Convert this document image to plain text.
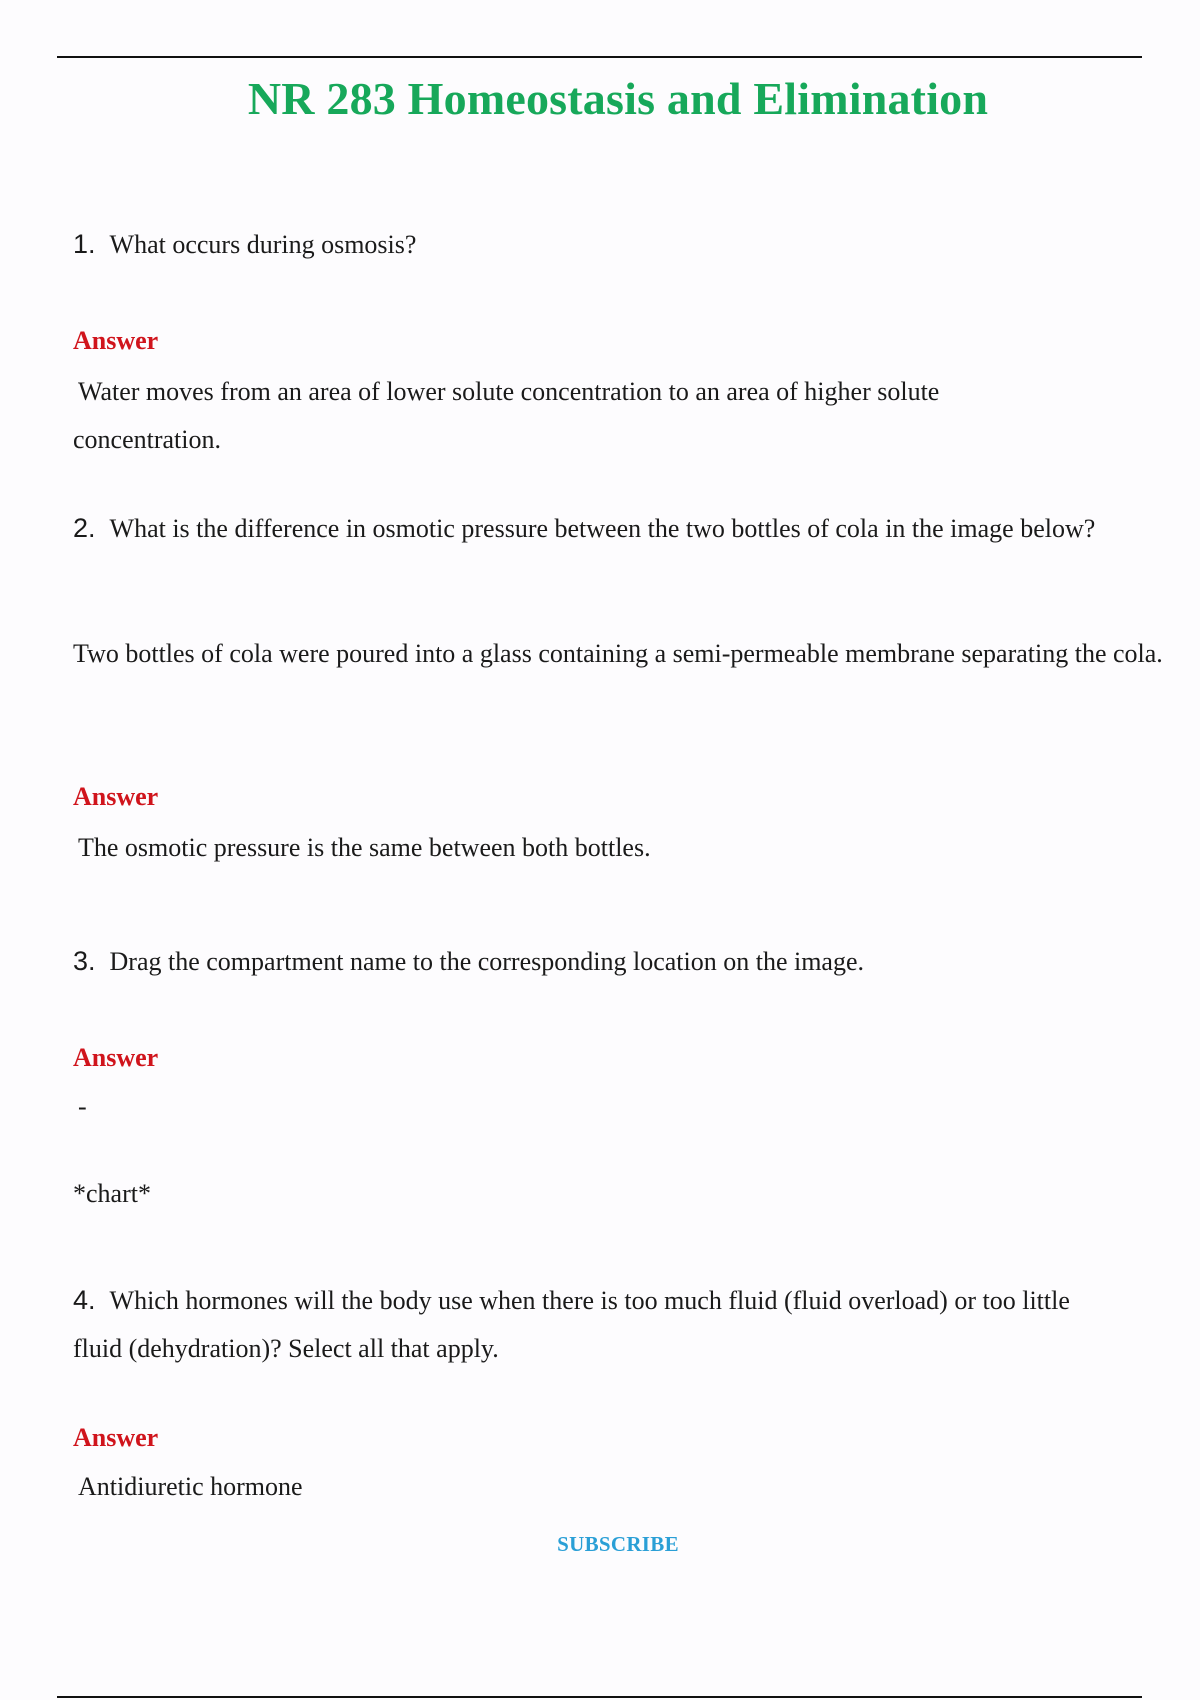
NR 283 Homeostasis and Elimination
1. What occurs during osmosis?
Answer
Water moves from an area of lower solute concentration to an area of higher solute concentration.
2. What is the difference in osmotic pressure between the two bottles of cola in the image below?
Two bottles of cola were poured into a glass containing a semi-permeable membrane separating the cola.
Answer
The osmotic pressure is the same between both bottles.
3. Drag the compartment name to the corresponding location on the image.
Answer
-
*chart*
4. Which hormones will the body use when there is too much fluid (fluid overload) or too little fluid (dehydration)? Select all that apply.
Answer
Antidiuretic hormone
SUBSCRIBE
